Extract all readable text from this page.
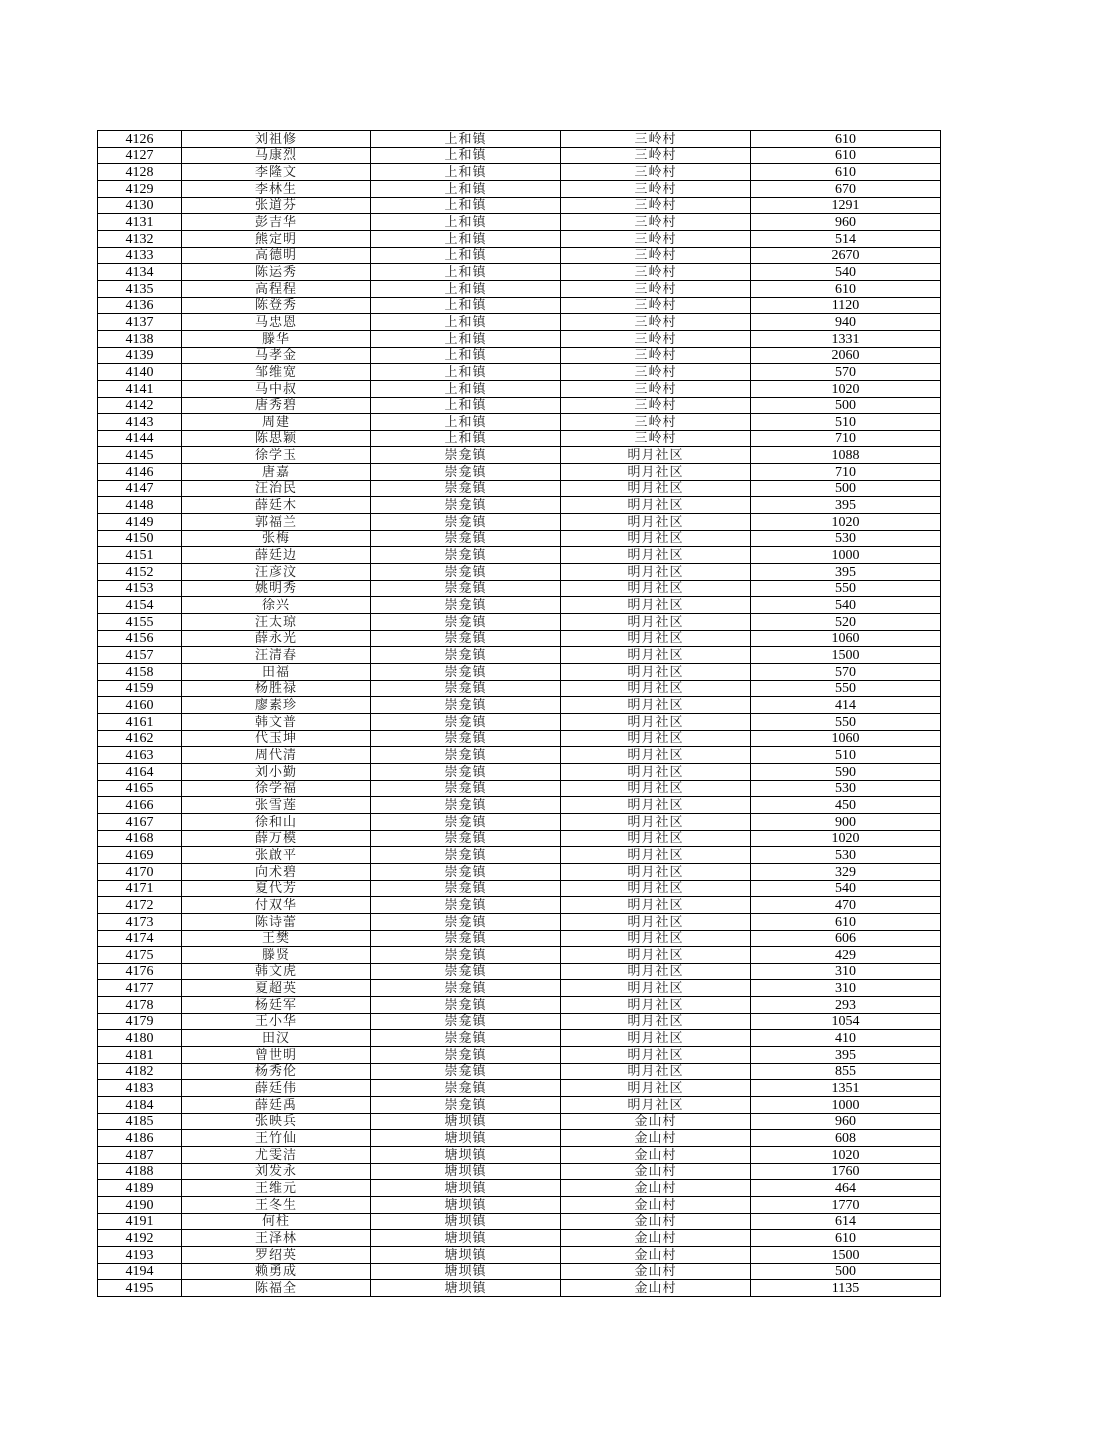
4126	刘祖修	上和镇	三岭村	610
4127	马康烈	上和镇	三岭村	610
4128	李隆文	上和镇	三岭村	610
4129	李林生	上和镇	三岭村	670
4130	张道芬	上和镇	三岭村	1291
4131	彭吉华	上和镇	三岭村	960
4132	熊定明	上和镇	三岭村	514
4133	高德明	上和镇	三岭村	2670
4134	陈运秀	上和镇	三岭村	540
4135	高程程	上和镇	三岭村	610
4136	陈登秀	上和镇	三岭村	1120
4137	马忠恩	上和镇	三岭村	940
4138	滕华	上和镇	三岭村	1331
4139	马孝金	上和镇	三岭村	2060
4140	邹维宽	上和镇	三岭村	570
4141	马中叔	上和镇	三岭村	1020
4142	唐秀碧	上和镇	三岭村	500
4143	周建	上和镇	三岭村	510
4144	陈思颖	上和镇	三岭村	710
4145	徐学玉	崇龛镇	明月社区	1088
4146	唐嘉	崇龛镇	明月社区	710
4147	汪治民	崇龛镇	明月社区	500
4148	薛廷木	崇龛镇	明月社区	395
4149	郭福兰	崇龛镇	明月社区	1020
4150	张梅	崇龛镇	明月社区	530
4151	薛廷边	崇龛镇	明月社区	1000
4152	汪彦汶	崇龛镇	明月社区	395
4153	姚明秀	崇龛镇	明月社区	550
4154	徐兴	崇龛镇	明月社区	540
4155	汪太琼	崇龛镇	明月社区	520
4156	薛永光	崇龛镇	明月社区	1060
4157	汪清春	崇龛镇	明月社区	1500
4158	田福	崇龛镇	明月社区	570
4159	杨胜禄	崇龛镇	明月社区	550
4160	廖素珍	崇龛镇	明月社区	414
4161	韩文普	崇龛镇	明月社区	550
4162	代玉坤	崇龛镇	明月社区	1060
4163	周代清	崇龛镇	明月社区	510
4164	刘小勤	崇龛镇	明月社区	590
4165	徐学福	崇龛镇	明月社区	530
4166	张雪莲	崇龛镇	明月社区	450
4167	徐和山	崇龛镇	明月社区	900
4168	薛万模	崇龛镇	明月社区	1020
4169	张啟平	崇龛镇	明月社区	530
4170	向术碧	崇龛镇	明月社区	329
4171	夏代芳	崇龛镇	明月社区	540
4172	付双华	崇龛镇	明月社区	470
4173	陈诗蕾	崇龛镇	明月社区	610
4174	王樊	崇龛镇	明月社区	606
4175	滕贤	崇龛镇	明月社区	429
4176	韩文虎	崇龛镇	明月社区	310
4177	夏超英	崇龛镇	明月社区	310
4178	杨廷军	崇龛镇	明月社区	293
4179	王小华	崇龛镇	明月社区	1054
4180	田汉	崇龛镇	明月社区	410
4181	曾世明	崇龛镇	明月社区	395
4182	杨秀伦	崇龛镇	明月社区	855
4183	薛廷伟	崇龛镇	明月社区	1351
4184	薛廷禹	崇龛镇	明月社区	1000
4185	张映兵	塘坝镇	金山村	960
4186	王竹仙	塘坝镇	金山村	608
4187	尤雯洁	塘坝镇	金山村	1020
4188	刘发永	塘坝镇	金山村	1760
4189	王维元	塘坝镇	金山村	464
4190	王冬生	塘坝镇	金山村	1770
4191	何柱	塘坝镇	金山村	614
4192	王泽林	塘坝镇	金山村	610
4193	罗绍英	塘坝镇	金山村	1500
4194	赖勇成	塘坝镇	金山村	500
4195	陈福全	塘坝镇	金山村	1135
